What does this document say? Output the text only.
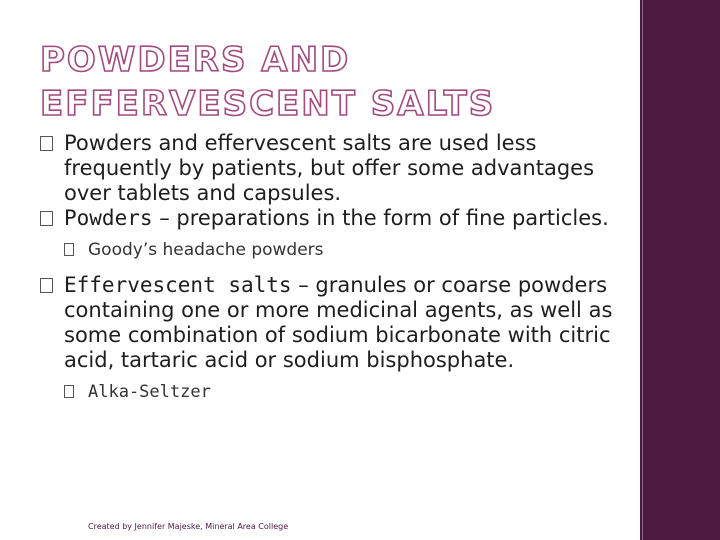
POWDERS AND EFFERVESCENT SALTS

Powders and effervescent salts are used less frequently by patients, but offer some advantages over tablets and capsules.

Powders – preparations in the form of fine particles.

Goody’s headache powders

Effervescent salts – granules or coarse powders containing one or more medicinal agents, as well as some combination of sodium bicarbonate with citric acid, tartaric acid or sodium bisphosphate.

Alka-Seltzer

Created by Jennifer Majeske, Mineral Area College
